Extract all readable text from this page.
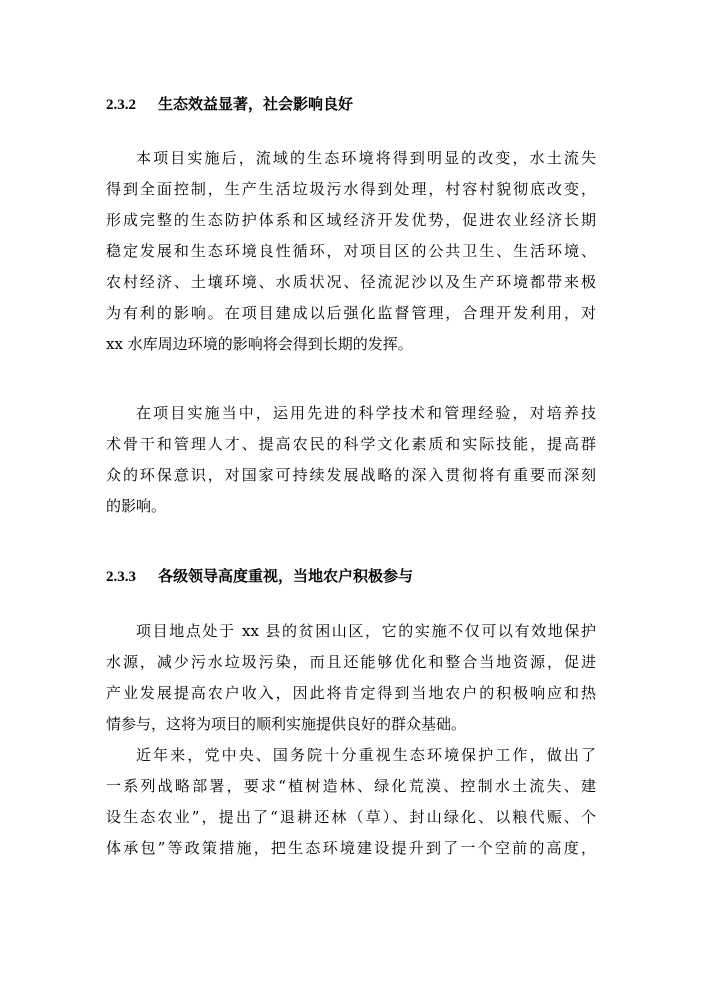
2.3.2 生态效益显著，社会影响良好
本项目实施后，流域的生态环境将得到明显的改变，水土流失
得到全面控制，生产生活垃圾污水得到处理，村容村貌彻底改变，
形成完整的生态防护体系和区域经济开发优势，促进农业经济长期
稳定发展和生态环境良性循环，对项目区的公共卫生、生活环境、
农村经济、土壤环境、水质状况、径流泥沙以及生产环境都带来极
为有利的影响。在项目建成以后强化监督管理，合理开发利用，对
xx 水库周边环境的影响将会得到长期的发挥。
在项目实施当中，运用先进的科学技术和管理经验，对培养技
术骨干和管理人才、提高农民的科学文化素质和实际技能，提高群
众的环保意识，对国家可持续发展战略的深入贯彻将有重要而深刻
的影响。
2.3.3 各级领导高度重视，当地农户积极参与
项目地点处于 xx 县的贫困山区，它的实施不仅可以有效地保护
水源，减少污水垃圾污染，而且还能够优化和整合当地资源，促进
产业发展提高农户收入，因此将肯定得到当地农户的积极响应和热
情参与，这将为项目的顺利实施提供良好的群众基础。
近年来，党中央、国务院十分重视生态环境保护工作，做出了
一系列战略部署，要求“植树造林、绿化荒漠、控制水土流失、建
设生态农业”，提出了“退耕还林（草）、封山绿化、以粮代赈、个
体承包”等政策措施，把生态环境建设提升到了一个空前的高度，
